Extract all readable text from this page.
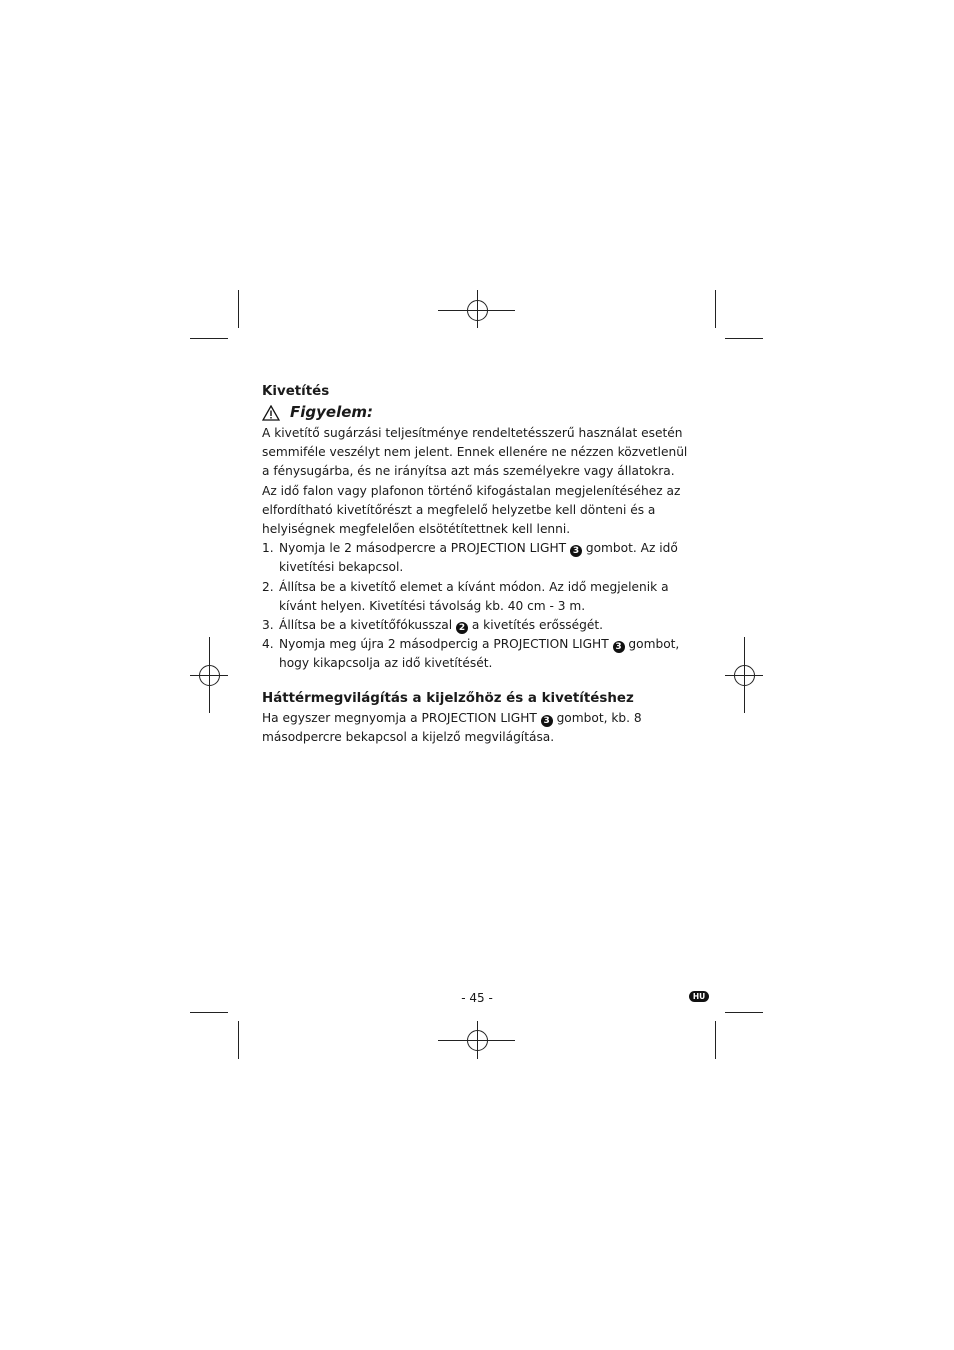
Kivetítés
Figyelem:

A kivetítő sugárzási teljesítménye rendeltetésszerű használat esetén semmiféle veszélyt nem jelent. Ennek ellenére ne nézzen közvetlenül a fénysugárba, és ne irányítsa azt más személyekre vagy állatokra.

Az idő falon vagy plafonon történő kifogástalan megjelenítéséhez az elfordítható kivetítőrészt a megfelelő helyzetbe kell dönteni és a helyiségnek megfelelően elsötétítettnek kell lenni.

1. Nyomja le 2 másodpercre a PROJECTION LIGHT 3 gombot. Az idő kivetítési bekapcsol.
2. Állítsa be a kivetítő elemet a kívánt módon. Az idő megjelenik a kívánt helyen. Kivetítési távolság kb. 40 cm - 3 m.
3. Állítsa be a kivetítőfókusszal 2 a kivetítés erősségét.
4. Nyomja meg újra 2 másodpercig a PROJECTION LIGHT 3 gombot, hogy kikapcsolja az idő kivetítését.
Háttérmegvilágítás a kijelzőhöz és a kivetítéshez

Ha egyszer megnyomja a PROJECTION LIGHT 3 gombot, kb. 8 másodpercre bekapcsol a kijelző megvilágítása.

- 45 -	HU
